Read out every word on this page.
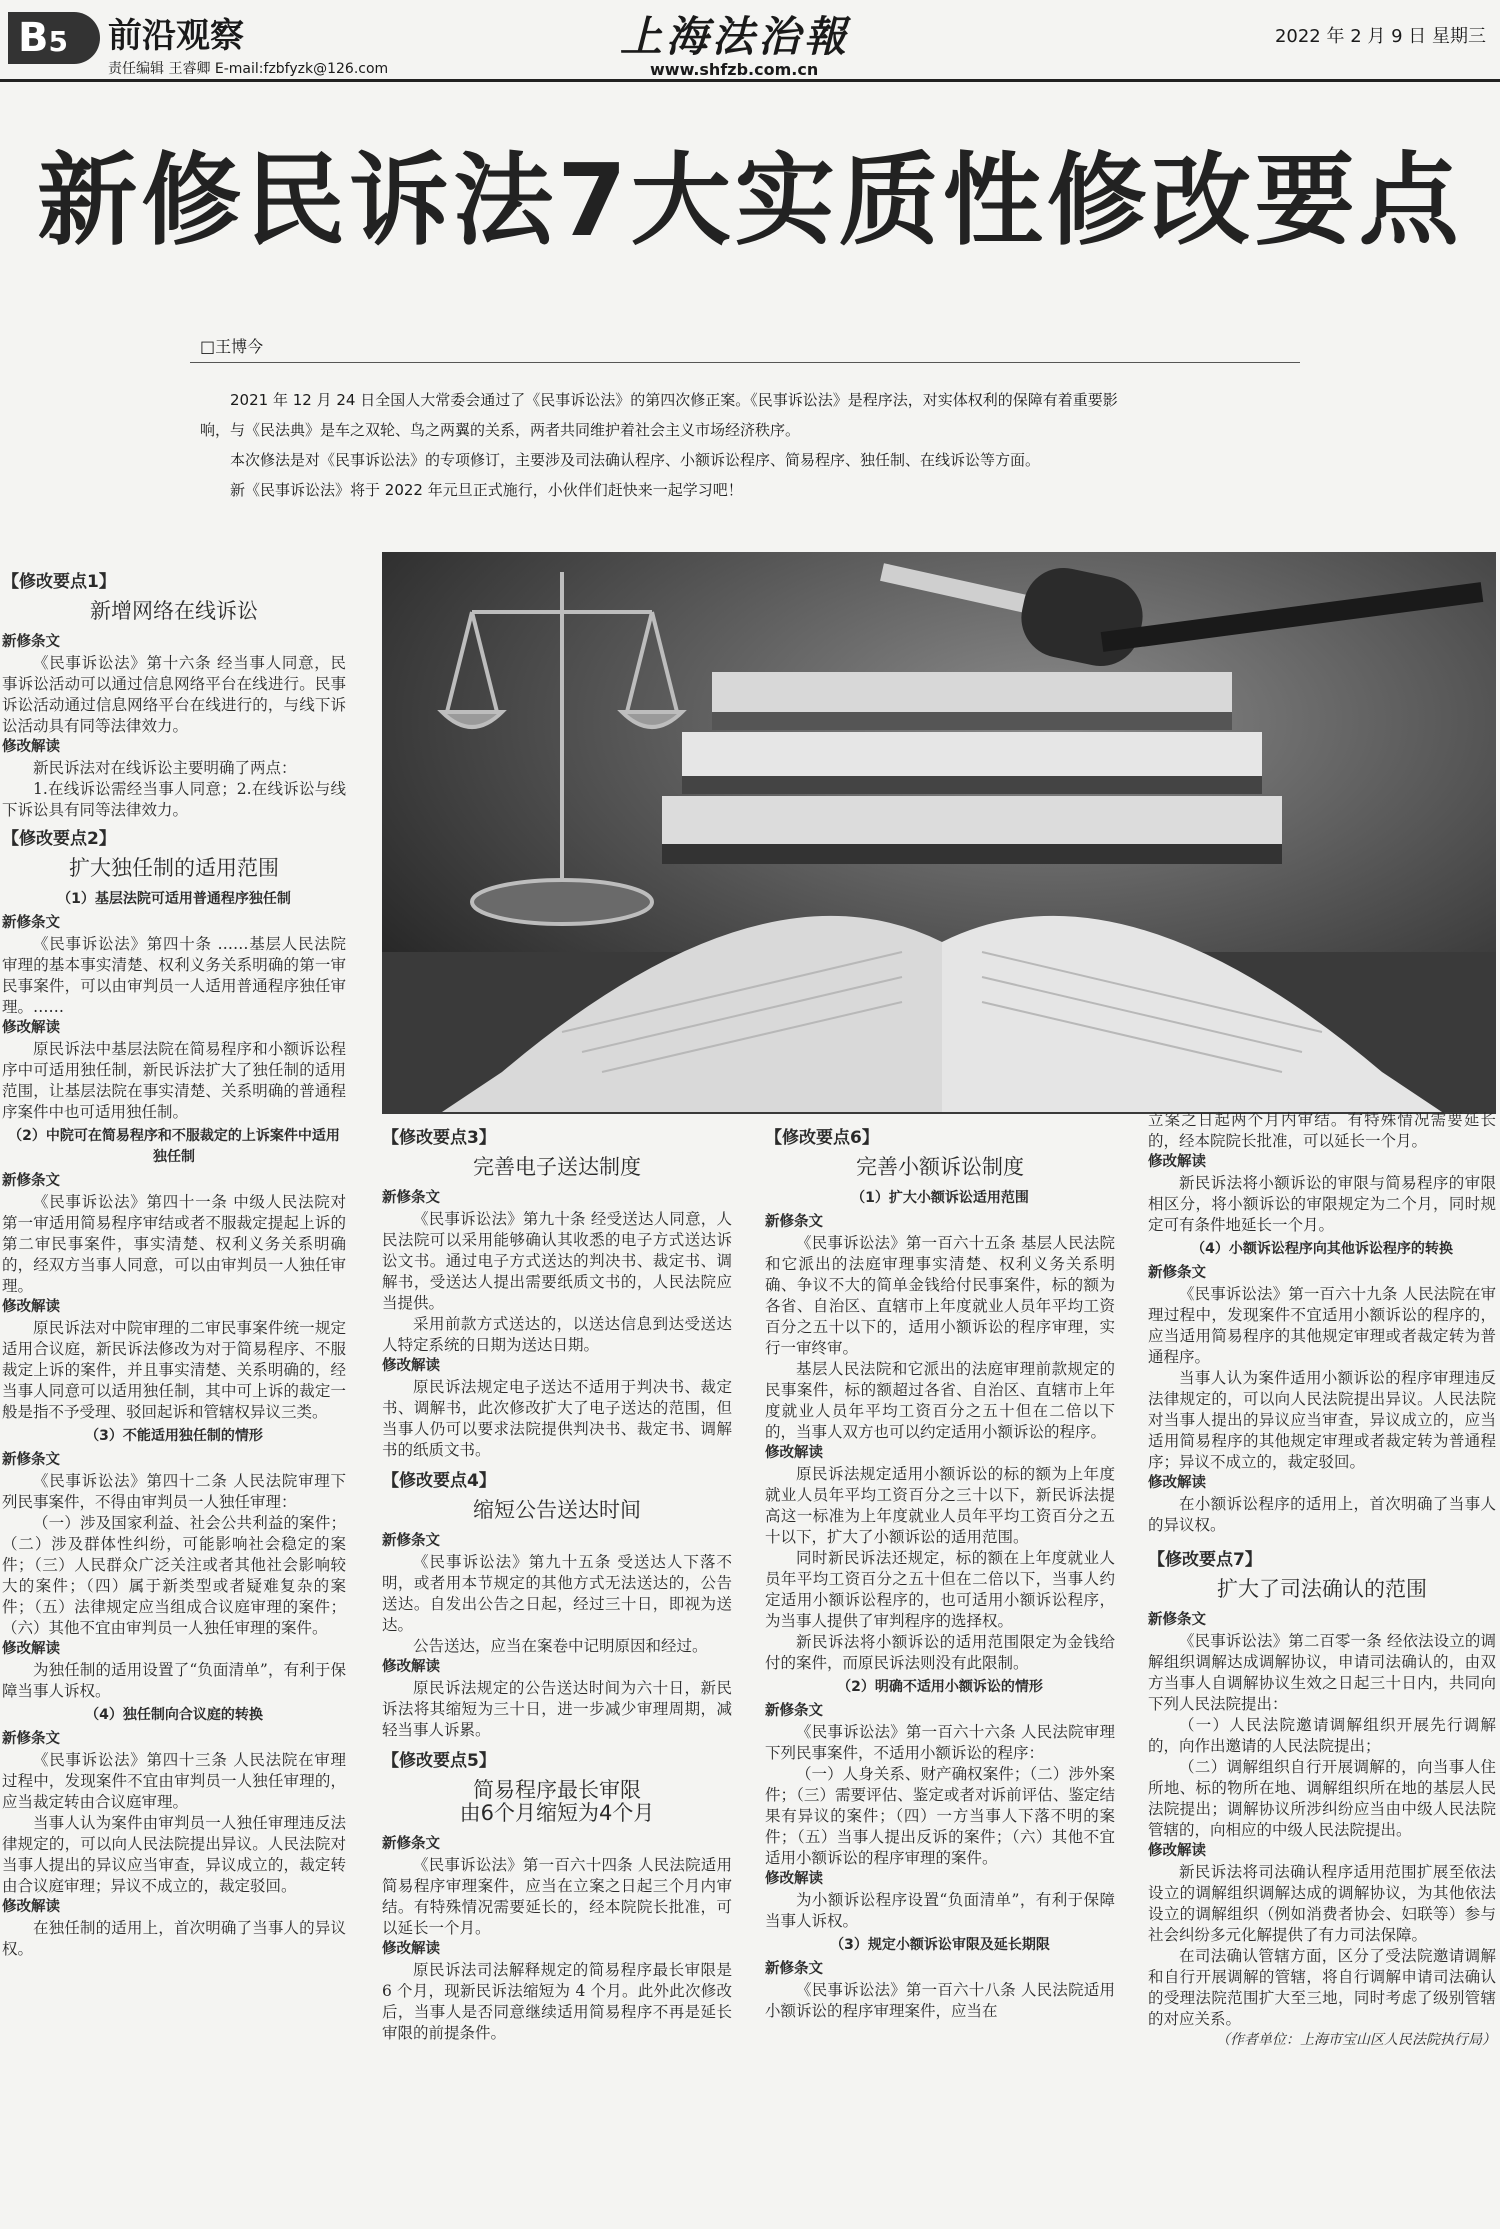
B5	前沿观察
责任编辑 王睿卿 E-mail:fzbfyzk@126.com
上海法治報
www.shfzb.com.cn
2022 年 2 月 9 日 星期三
新修民诉法7大实质性修改要点
□王博今

2021 年 12 月 24 日全国人大常委会通过了《民事诉讼法》的第四次修正案。《民事诉讼法》是程序法，对实体权利的保障有着重要影

响，与《民法典》是车之双轮、鸟之两翼的关系，两者共同维护着社会主义市场经济秩序。

本次修法是对《民事诉讼法》的专项修订，主要涉及司法确认程序、小额诉讼程序、简易程序、独任制、在线诉讼等方面。

新《民事诉讼法》将于 2022 年元旦正式施行，小伙伴们赶快来一起学习吧！

【修改要点1】
新增网络在线诉讼
新修条文

《民事诉讼法》第十六条 经当事人同意，民事诉讼活动可以通过信息网络平台在线进行。民事诉讼活动通过信息网络平台在线进行的，与线下诉讼活动具有同等法律效力。

修改解读

新民诉法对在线诉讼主要明确了两点：

1.在线诉讼需经当事人同意；2.在线诉讼与线下诉讼具有同等法律效力。

【修改要点2】
扩大独任制的适用范围
（1）基层法院可适用普通程序独任制
新修条文

《民事诉讼法》第四十条 ……基层人民法院审理的基本事实清楚、权利义务关系明确的第一审民事案件，可以由审判员一人适用普通程序独任审理。……

修改解读

原民诉法中基层法院在简易程序和小额诉讼程序中可适用独任制，新民诉法扩大了独任制的适用范围，让基层法院在事实清楚、关系明确的普通程序案件中也可适用独任制。

（2）中院可在简易程序和不服裁定的上诉案件中适用独任制
新修条文

《民事诉讼法》第四十一条 中级人民法院对第一审适用简易程序审结或者不服裁定提起上诉的第二审民事案件，事实清楚、权利义务关系明确的，经双方当事人同意，可以由审判员一人独任审理。

修改解读

原民诉法对中院审理的二审民事案件统一规定适用合议庭，新民诉法修改为对于简易程序、不服裁定上诉的案件，并且事实清楚、关系明确的，经当事人同意可以适用独任制，其中可上诉的裁定一般是指不予受理、驳回起诉和管辖权异议三类。

（3）不能适用独任制的情形
新修条文

《民事诉讼法》第四十二条 人民法院审理下列民事案件，不得由审判员一人独任审理：

（一）涉及国家利益、社会公共利益的案件；（二）涉及群体性纠纷，可能影响社会稳定的案件；（三）人民群众广泛关注或者其他社会影响较大的案件；（四）属于新类型或者疑难复杂的案件；（五）法律规定应当组成合议庭审理的案件；（六）其他不宜由审判员一人独任审理的案件。

修改解读

为独任制的适用设置了“负面清单”，有利于保障当事人诉权。

（4）独任制向合议庭的转换
新修条文

《民事诉讼法》第四十三条 人民法院在审理过程中，发现案件不宜由审判员一人独任审理的，应当裁定转由合议庭审理。

当事人认为案件由审判员一人独任审理违反法律规定的，可以向人民法院提出异议。人民法院对当事人提出的异议应当审查，异议成立的，裁定转由合议庭审理；异议不成立的，裁定驳回。

修改解读

在独任制的适用上，首次明确了当事人的异议权。

【修改要点3】
完善电子送达制度
新修条文

《民事诉讼法》第九十条 经受送达人同意，人民法院可以采用能够确认其收悉的电子方式送达诉讼文书。通过电子方式送达的判决书、裁定书、调解书，受送达人提出需要纸质文书的，人民法院应当提供。

采用前款方式送达的，以送达信息到达受送达人特定系统的日期为送达日期。

修改解读

原民诉法规定电子送达不适用于判决书、裁定书、调解书，此次修改扩大了电子送达的范围，但当事人仍可以要求法院提供判决书、裁定书、调解书的纸质文书。

【修改要点4】
缩短公告送达时间
新修条文

《民事诉讼法》第九十五条 受送达人下落不明，或者用本节规定的其他方式无法送达的，公告送达。自发出公告之日起，经过三十日，即视为送达。

公告送达，应当在案卷中记明原因和经过。

修改解读

原民诉法规定的公告送达时间为六十日，新民诉法将其缩短为三十日，进一步减少审理周期，减轻当事人诉累。

【修改要点5】
简易程序最长审限
由6个月缩短为4个月
新修条文

《民事诉讼法》第一百六十四条 人民法院适用简易程序审理案件，应当在立案之日起三个月内审结。有特殊情况需要延长的，经本院院长批准，可以延长一个月。

修改解读

原民诉法司法解释规定的简易程序最长审限是 6 个月，现新民诉法缩短为 4 个月。此外此次修改后，当事人是否同意继续适用简易程序不再是延长审限的前提条件。

【修改要点6】
完善小额诉讼制度
（1）扩大小额诉讼适用范围
新修条文

《民事诉讼法》第一百六十五条 基层人民法院和它派出的法庭审理事实清楚、权利义务关系明确、争议不大的简单金钱给付民事案件，标的额为各省、自治区、直辖市上年度就业人员年平均工资百分之五十以下的，适用小额诉讼的程序审理，实行一审终审。

基层人民法院和它派出的法庭审理前款规定的民事案件，标的额超过各省、自治区、直辖市上年度就业人员年平均工资百分之五十但在二倍以下的，当事人双方也可以约定适用小额诉讼的程序。

修改解读

原民诉法规定适用小额诉讼的标的额为上年度就业人员年平均工资百分之三十以下，新民诉法提高这一标准为上年度就业人员年平均工资百分之五十以下，扩大了小额诉讼的适用范围。

同时新民诉法还规定，标的额在上年度就业人员年平均工资百分之五十但在二倍以下，当事人约定适用小额诉讼程序的，也可适用小额诉讼程序，为当事人提供了审判程序的选择权。

新民诉法将小额诉讼的适用范围限定为金钱给付的案件，而原民诉法则没有此限制。

（2）明确不适用小额诉讼的情形
新修条文

《民事诉讼法》第一百六十六条 人民法院审理下列民事案件，不适用小额诉讼的程序：

（一）人身关系、财产确权案件；（二）涉外案件；（三）需要评估、鉴定或者对诉前评估、鉴定结果有异议的案件；（四）一方当事人下落不明的案件；（五）当事人提出反诉的案件；（六）其他不宜适用小额诉讼的程序审理的案件。

修改解读

为小额诉讼程序设置“负面清单”，有利于保障当事人诉权。

（3）规定小额诉讼审限及延长期限
新修条文

《民事诉讼法》第一百六十八条 人民法院适用小额诉讼的程序审理案件，应当在

立案之日起两个月内审结。有特殊情况需要延长的，经本院院长批准，可以延长一个月。

修改解读

新民诉法将小额诉讼的审限与简易程序的审限相区分，将小额诉讼的审限规定为二个月，同时规定可有条件地延长一个月。

（4）小额诉讼程序向其他诉讼程序的转换
新修条文

《民事诉讼法》第一百六十九条 人民法院在审理过程中，发现案件不宜适用小额诉讼的程序的，应当适用简易程序的其他规定审理或者裁定转为普通程序。

当事人认为案件适用小额诉讼的程序审理违反法律规定的，可以向人民法院提出异议。人民法院对当事人提出的异议应当审查，异议成立的，应当适用简易程序的其他规定审理或者裁定转为普通程序；异议不成立的，裁定驳回。

修改解读

在小额诉讼程序的适用上，首次明确了当事人的异议权。

【修改要点7】
扩大了司法确认的范围
新修条文

《民事诉讼法》第二百零一条 经依法设立的调解组织调解达成调解协议，申请司法确认的，由双方当事人自调解协议生效之日起三十日内，共同向下列人民法院提出：

（一）人民法院邀请调解组织开展先行调解的，向作出邀请的人民法院提出；

（二）调解组织自行开展调解的，向当事人住所地、标的物所在地、调解组织所在地的基层人民法院提出；调解协议所涉纠纷应当由中级人民法院管辖的，向相应的中级人民法院提出。

修改解读

新民诉法将司法确认程序适用范围扩展至依法设立的调解组织调解达成的调解协议，为其他依法设立的调解组织（例如消费者协会、妇联等）参与社会纠纷多元化解提供了有力司法保障。

在司法确认管辖方面，区分了受法院邀请调解和自行开展调解的管辖，将自行调解申请司法确认的受理法院范围扩大至三地，同时考虑了级别管辖的对应关系。

（作者单位：上海市宝山区人民法院执行局）
